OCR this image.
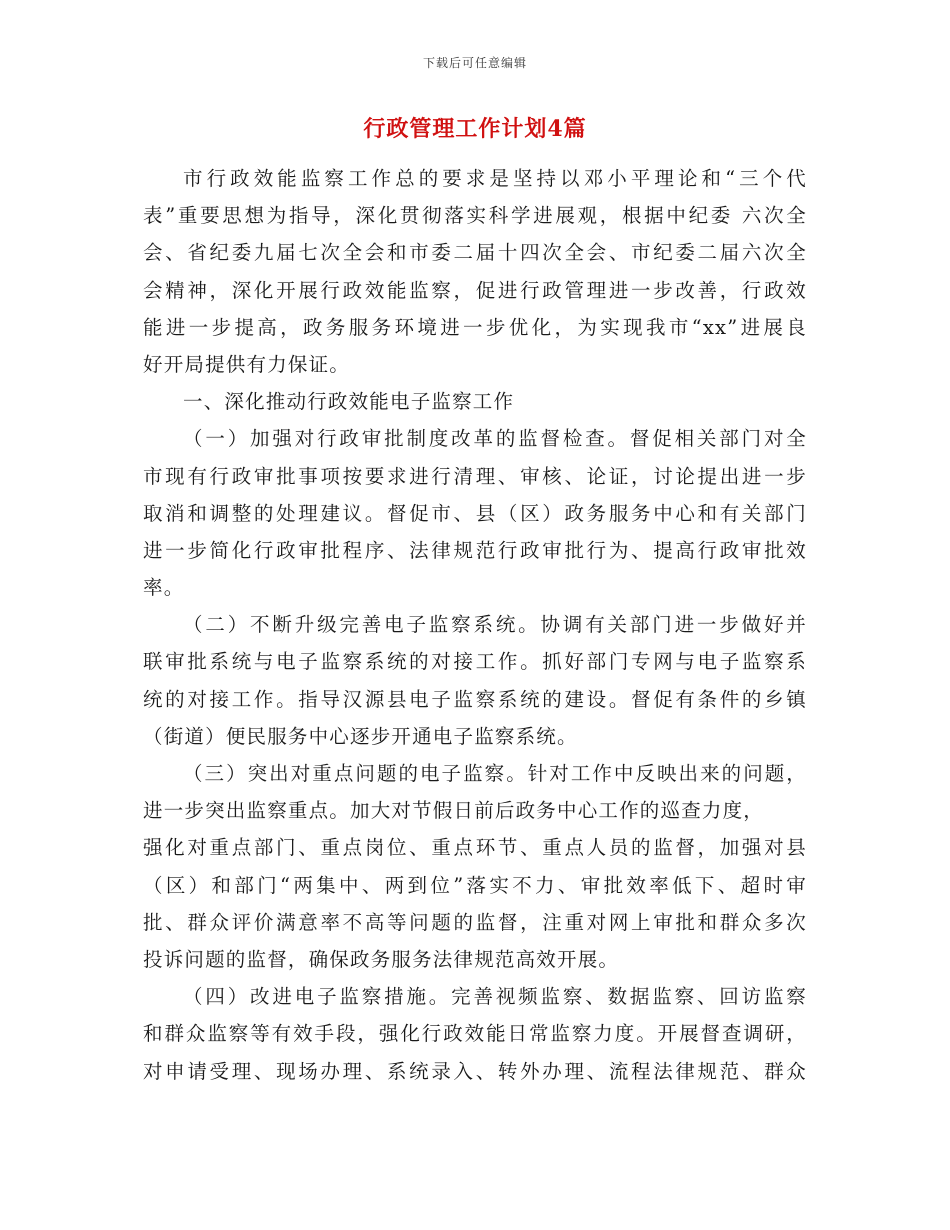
下载后可任意编辑
行政管理工作计划4篇
市行政效能监察工作总的要求是坚持以邓小平理论和“三个代
表”重要思想为指导，深化贯彻落实科学进展观，根据中纪委 六次全
会、省纪委九届七次全会和市委二届十四次全会、市纪委二届六次全
会精神，深化开展行政效能监察，促进行政管理进一步改善，行政效
能进一步提高，政务服务环境进一步优化，为实现我市“xx”进展良
好开局提供有力保证。
一、深化推动行政效能电子监察工作
（一）加强对行政审批制度改革的监督检查。督促相关部门对全
市现有行政审批事项按要求进行清理、审核、论证，讨论提出进一步
取消和调整的处理建议。督促市、县（区）政务服务中心和有关部门
进一步简化行政审批程序、法律规范行政审批行为、提高行政审批效
率。
（二）不断升级完善电子监察系统。协调有关部门进一步做好并
联审批系统与电子监察系统的对接工作。抓好部门专网与电子监察系
统的对接工作。指导汉源县电子监察系统的建设。督促有条件的乡镇
（街道）便民服务中心逐步开通电子监察系统。
（三）突出对重点问题的电子监察。针对工作中反映出来的问题，
进一步突出监察重点。加大对节假日前后政务中心工作的巡查力度，
强化对重点部门、重点岗位、重点环节、重点人员的监督，加强对县
（区）和部门“两集中、两到位”落实不力、审批效率低下、超时审
批、群众评价满意率不高等问题的监督，注重对网上审批和群众多次
投诉问题的监督，确保政务服务法律规范高效开展。
（四）改进电子监察措施。完善视频监察、数据监察、回访监察
和群众监察等有效手段，强化行政效能日常监察力度。开展督查调研，
对申请受理、现场办理、系统录入、转外办理、流程法律规范、群众
